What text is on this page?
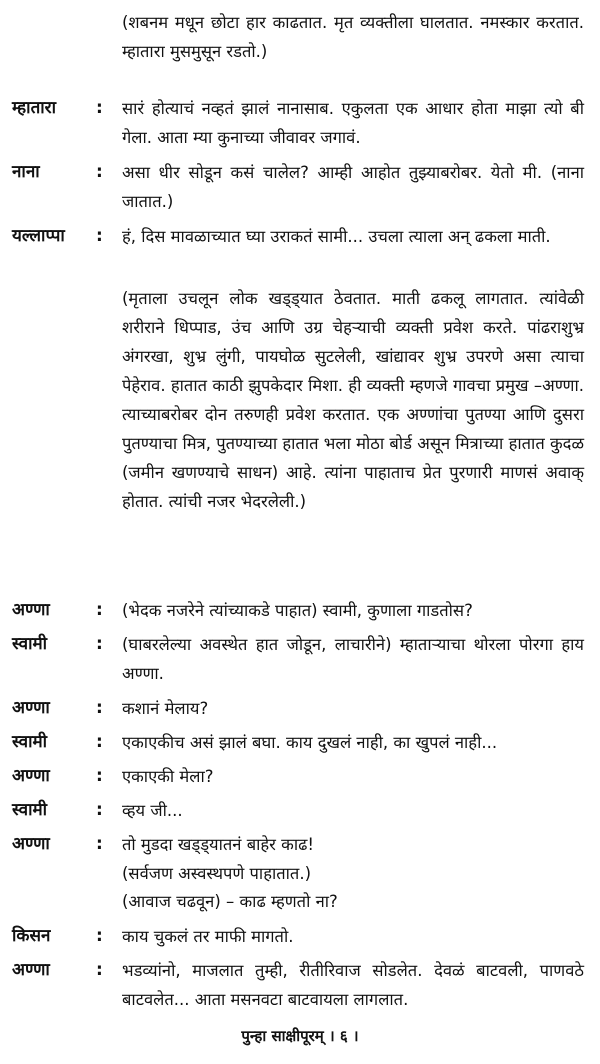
(शबनम मधून छोटा हार काढतात. मृत व्यक्तीला घालतात. नमस्कार करतात. म्हातारा मुसमुसून रडतो.)
म्हातारा	:	सारं होत्याचं नव्हतं झालं नानासाब. एकुलता एक आधार होता माझा त्यो बी गेला. आता म्या कुनाच्या जीवावर जगावं.
नाना	:	असा धीर सोडून कसं चालेल? आम्ही आहोत तुझ्याबरोबर. येतो मी. (नाना जातात.)
यल्लाप्पा	:	हं, दिस मावळाच्यात घ्या उराकतं सामी... उचला त्याला अन् ढकला माती.
(मृताला उचलून लोक खड्ड्यात ठेवतात. माती ढकलू लागतात. त्यांवेळी शरीराने धिप्पाड, उंच आणि उग्र चेहऱ्याची व्यक्ती प्रवेश करते. पांढराशुभ्र अंगरखा, शुभ्र लुंगी, पायघोळ सुटलेली, खांद्यावर शुभ्र उपरणे असा त्याचा पेहेराव. हातात काठी झुपकेदार मिशा. ही व्यक्ती म्हणजे गावचा प्रमुख –अण्णा. त्याच्याबरोबर दोन तरुणही प्रवेश करतात. एक अण्णांचा पुतण्या आणि दुसरा पुतण्याचा मित्र, पुतण्याच्या हातात भला मोठा बोर्ड असून मित्राच्या हातात कुदळ (जमीन खणण्याचे साधन) आहे. त्यांना पाहाताच प्रेत पुरणारी माणसं अवाक् होतात. त्यांची नजर भेदरलेली.)
अण्णा	:	(भेदक नजरेने त्यांच्याकडे पाहात) स्वामी, कुणाला गाडतोस?
स्वामी	:	(घाबरलेल्या अवस्थेत हात जोडून, लाचारीने) म्हाताऱ्याचा थोरला पोरगा हाय अण्णा.
अण्णा	:	कशानं मेलाय?
स्वामी	:	एकाएकीच असं झालं बघा. काय दुखलं नाही, का खुपलं नाही...
अण्णा	:	एकाएकी मेला?
स्वामी	:	व्हय जी...
अण्णा	:	तो मुडदा खड्ड्यातनं बाहेर काढ!
(सर्वजण अस्वस्थपणे पाहातात.)
(आवाज चढवून) – काढ म्हणतो ना?
किसन	:	काय चुकलं तर माफी मागतो.
अण्णा	:	भडव्यांनो, माजलात तुम्ही, रीतीरिवाज सोडलेत. देवळं बाटवली, पाणवठे बाटवलेत... आता मसनवटा बाटवायला लागलात.
पुन्हा साक्षीपूरम् । ६ ।
